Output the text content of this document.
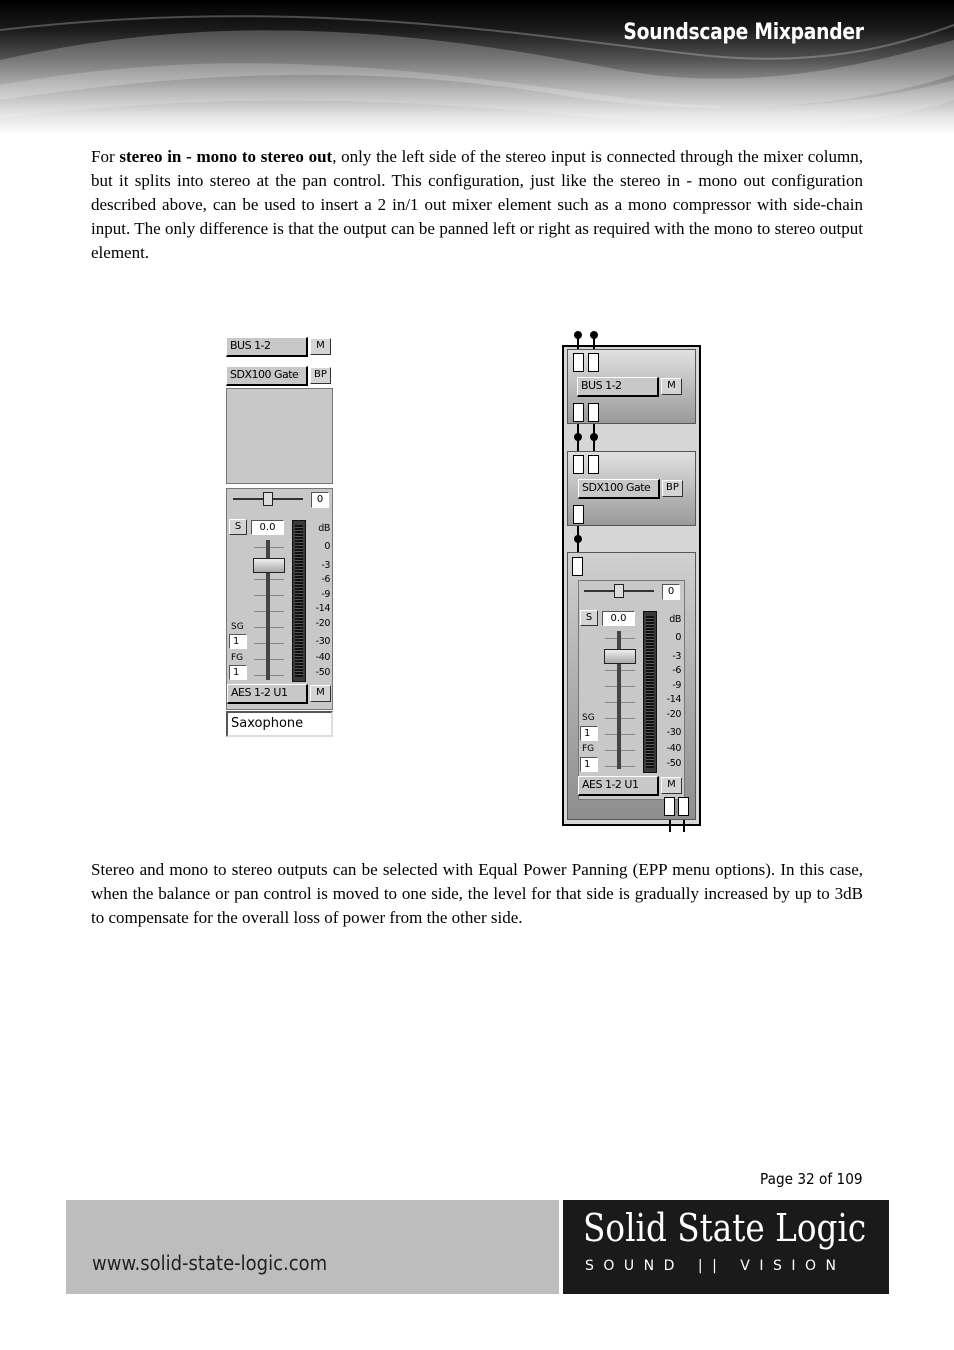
Soundscape Mixpander

For stereo in - mono to stereo out, only the left side of the stereo input is connected through the mixer column, but it splits into stereo at the pan control. This configuration, just like the stereo in - mono out configuration described above, can be used to insert a 2 in/1 out mixer element such as a mono compressor with side-chain input. The only difference is that the output can be panned left or right as required with the mono to stereo output element.

BUS 1-2	M
SDX100 Gate	BP
0
S	0.0	dB
0
-3
-6
-9
-14
-20
-30
-40
-50
SG
1
FG
1
AES 1-2 U1	M
Saxophone
BUS 1-2	M
SDX100 Gate	BP
0
S	0.0	dB
0
-3
-6
-9
-14
-20
-30
-40
-50
SG
1
FG
1
AES 1-2 U1	M

Stereo and mono to stereo outputs can be selected with Equal Power Panning (EPP menu options). In this case, when the balance or pan control is moved to one side, the level for that side is gradually increased by up to 3dB to compensate for the overall loss of power from the other side.

Page 32 of 109
www.solid-state-logic.com
Solid State Logic
SOUND || VISION
